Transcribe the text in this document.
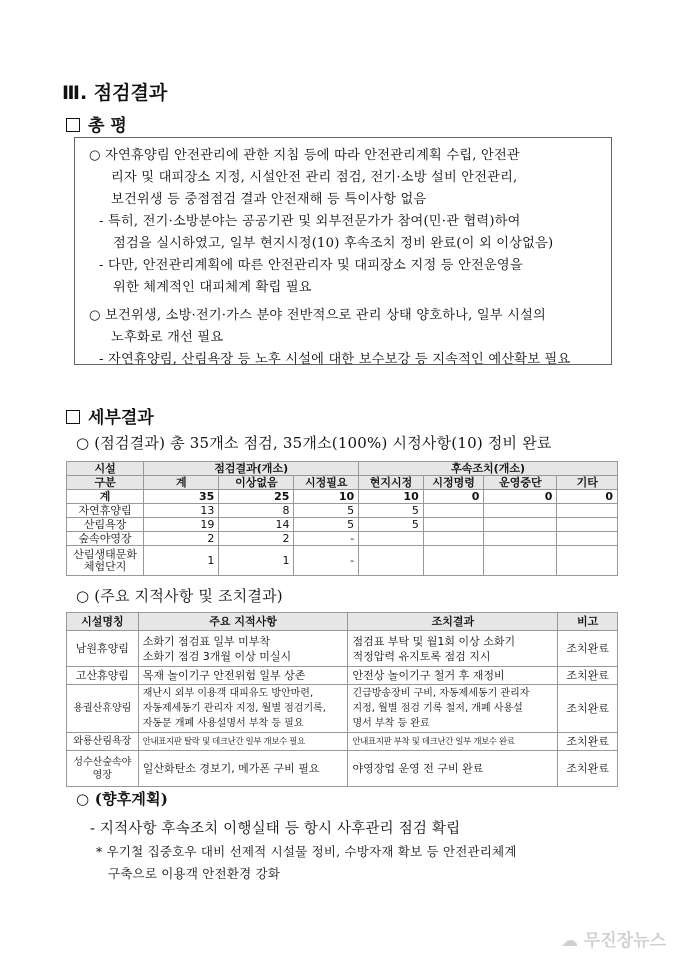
Ⅲ. 점검결과
총 평
○ 자연휴양림 안전관리에 관한 지침 등에 따라 안전관리계획 수립, 안전관
리자 및 대피장소 지정, 시설안전 관리 점검, 전기·소방 설비 안전관리,
보건위생 등 중점점검 결과 안전재해 등 특이사항 없음
- 특히, 전기·소방분야는 공공기관 및 외부전문가가 참여(민·관 협력)하여
점검을 실시하였고, 일부 현지시정(10) 후속조치 정비 완료(이 외 이상없음)
- 다만, 안전관리계획에 따른 안전관리자 및 대피장소 지정 등 안전운영을
위한 체계적인 대피체계 확립 필요
○ 보건위생, 소방·전기·가스 분야 전반적으로 관리 상태 양호하나, 일부 시설의
노후화로 개선 필요
- 자연휴양림, 산림욕장 등 노후 시설에 대한 보수보강 등 지속적인 예산확보 필요
세부결과
○ (점검결과) 총 35개소 점검, 35개소(100%) 시정사항(10) 정비 완료
시설	점검결과(개소)			후속조치(개소)			
구분	계	이상없음	시정필요	현지시정	시정명령	운영중단	기타
계	35	25	10	10	0	0	0
자연휴양림	13	8	5	5			
산림욕장	19	14	5	5			
숲속야영장	2	2	-				
산림생태문화체험단지	1	1	-				
○ (주요 지적사항 및 조치결과)
시설명칭	주요 지적사항	조치결과	비고
남원휴양림	소화기 점검표 일부 미부착
소화기 점검 3개월 이상 미실시	점검표 부탁 및 월1회 이상 소화기
적정압력 유지토록 점검 지시	조치완료
고산휴양림	목재 놀이기구 안전위험 일부 상존	안전상 놀이기구 철거 후 재정비	조치완료
용궐산휴양림	재난시 외부 이용객 대피유도 방안마련,
자동제세동기 관리자 지정, 월별 점검기록,
자동문 개폐 사용설명서 부착 등 필요	긴급방송장비 구비, 자동제세동기 관리자
지정, 월별 점검 기록 철저, 개폐 사용설
명서 부착 등 완료	조치완료
와룡산림욕장	안내표지판 탈락 및 데크난간 일부 개보수 필요	안내표지판 부착 및 데크난간 일부 개보수 완료	조치완료
성수산숲속야영장	일산화탄소 경보기, 메가폰 구비 필요	야영장업 운영 전 구비 완료	조치완료
○ (향후계획)
- 지적사항 후속조치 이행실태 등 항시 사후관리 점검 확립
* 우기철 집중호우 대비 선제적 시설물 정비, 수방자재 확보 등 안전관리체계
구축으로 이용객 안전환경 강화
☁ 무진장뉴스
